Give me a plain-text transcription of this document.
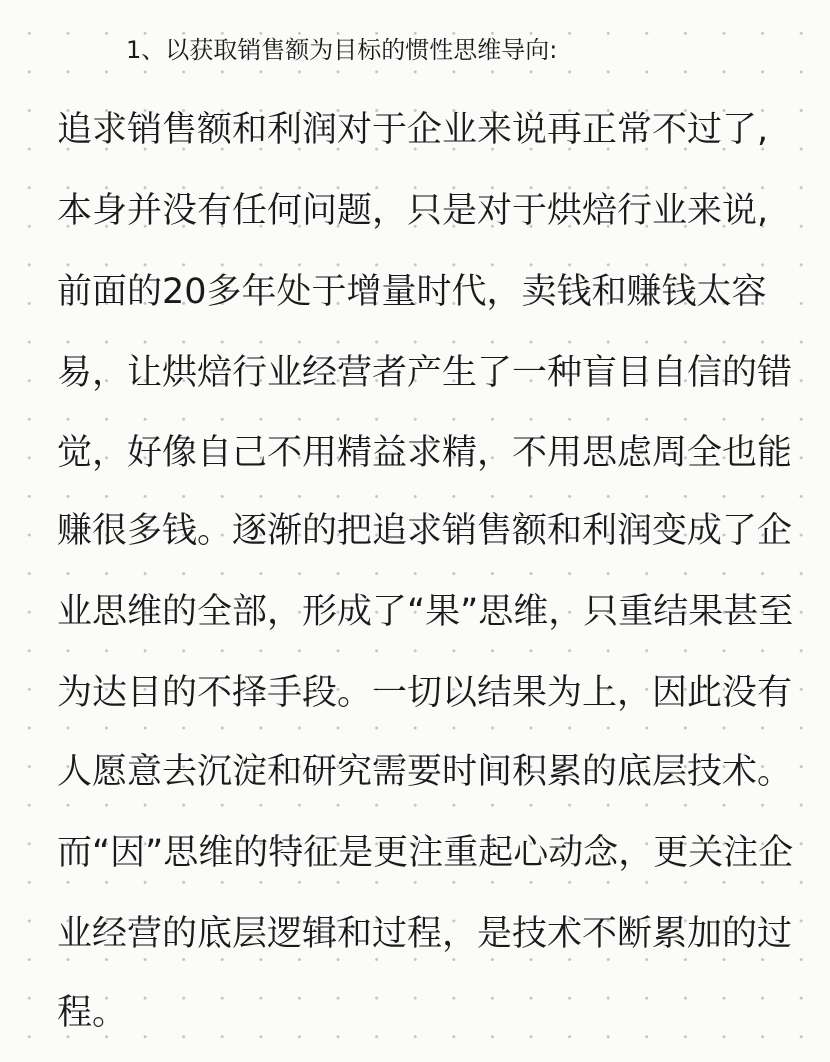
1、以获取销售额为目标的惯性思维导向:
追求销售额和利润对于企业来说再正常不过了,
本身并没有任何问题，只是对于烘焙行业来说,
前面的20多年处于增量时代，卖钱和赚钱太容
易，让烘焙行业经营者产生了一种盲目自信的错
觉，好像自己不用精益求精，不用思虑周全也能
赚很多钱。逐渐的把追求销售额和利润变成了企
业思维的全部，形成了“果”思维，只重结果甚至
为达目的不择手段。一切以结果为上，因此没有
人愿意去沉淀和研究需要时间积累的底层技术。
而“因”思维的特征是更注重起心动念，更关注企
业经营的底层逻辑和过程，是技术不断累加的过
程。
